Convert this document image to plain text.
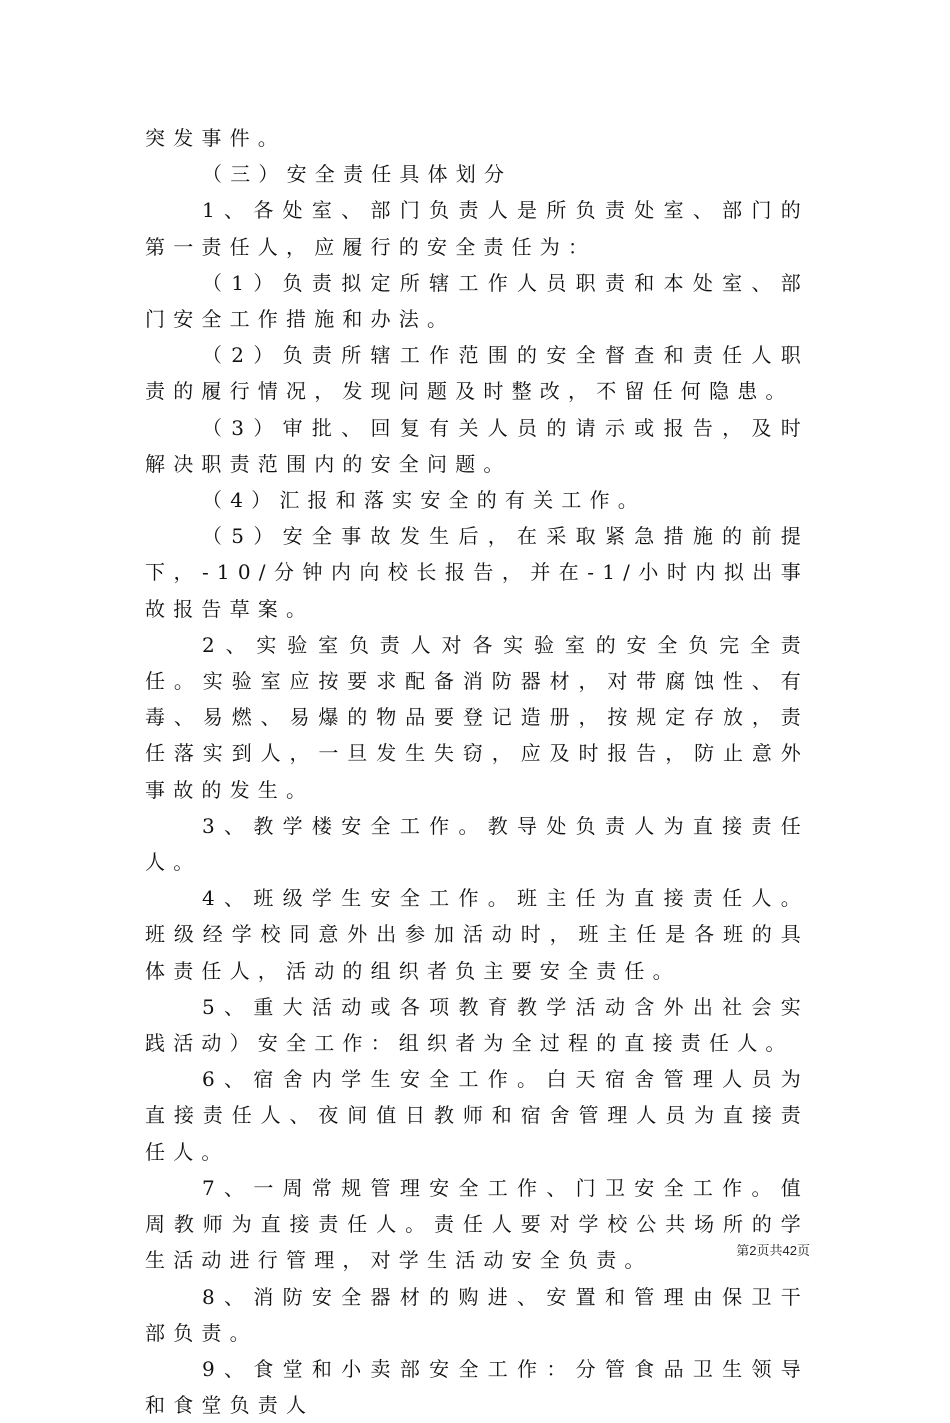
突发事件。

（三）安全责任具体划分

1、各处室、部门负责人是所负责处室、部门的第一责任人，应履行的安全责任为：

（1）负责拟定所辖工作人员职责和本处室、部门安全工作措施和办法。

（2）负责所辖工作范围的安全督查和责任人职责的履行情况，发现问题及时整改，不留任何隐患。

（3）审批、回复有关人员的请示或报告，及时解决职责范围内的安全问题。

（4）汇报和落实安全的有关工作。

（5）安全事故发生后，在采取紧急措施的前提下，-10/分钟内向校长报告，并在-1/小时内拟出事故报告草案。

2、实验室负责人对各实验室的安全负完全责任。实验室应按要求配备消防器材，对带腐蚀性、有毒、易燃、易爆的物品要登记造册，按规定存放，责任落实到人，一旦发生失窃，应及时报告，防止意外事故的发生。

3、教学楼安全工作。教导处负责人为直接责任人。

4、班级学生安全工作。班主任为直接责任人。班级经学校同意外出参加活动时，班主任是各班的具体责任人，活动的组织者负主要安全责任。

5、重大活动或各项教育教学活动含外出社会实践活动）安全工作：组织者为全过程的直接责任人。

6、宿舍内学生安全工作。白天宿舍管理人员为直接责任人、夜间值日教师和宿舍管理人员为直接责任人。

7、一周常规管理安全工作、门卫安全工作。值周教师为直接责任人。责任人要对学校公共场所的学生活动进行管理，对学生活动安全负责。

8、消防安全器材的购进、安置和管理由保卫干部负责。

9、食堂和小卖部安全工作：分管食品卫生领导和食堂负责人

第2页共42页
